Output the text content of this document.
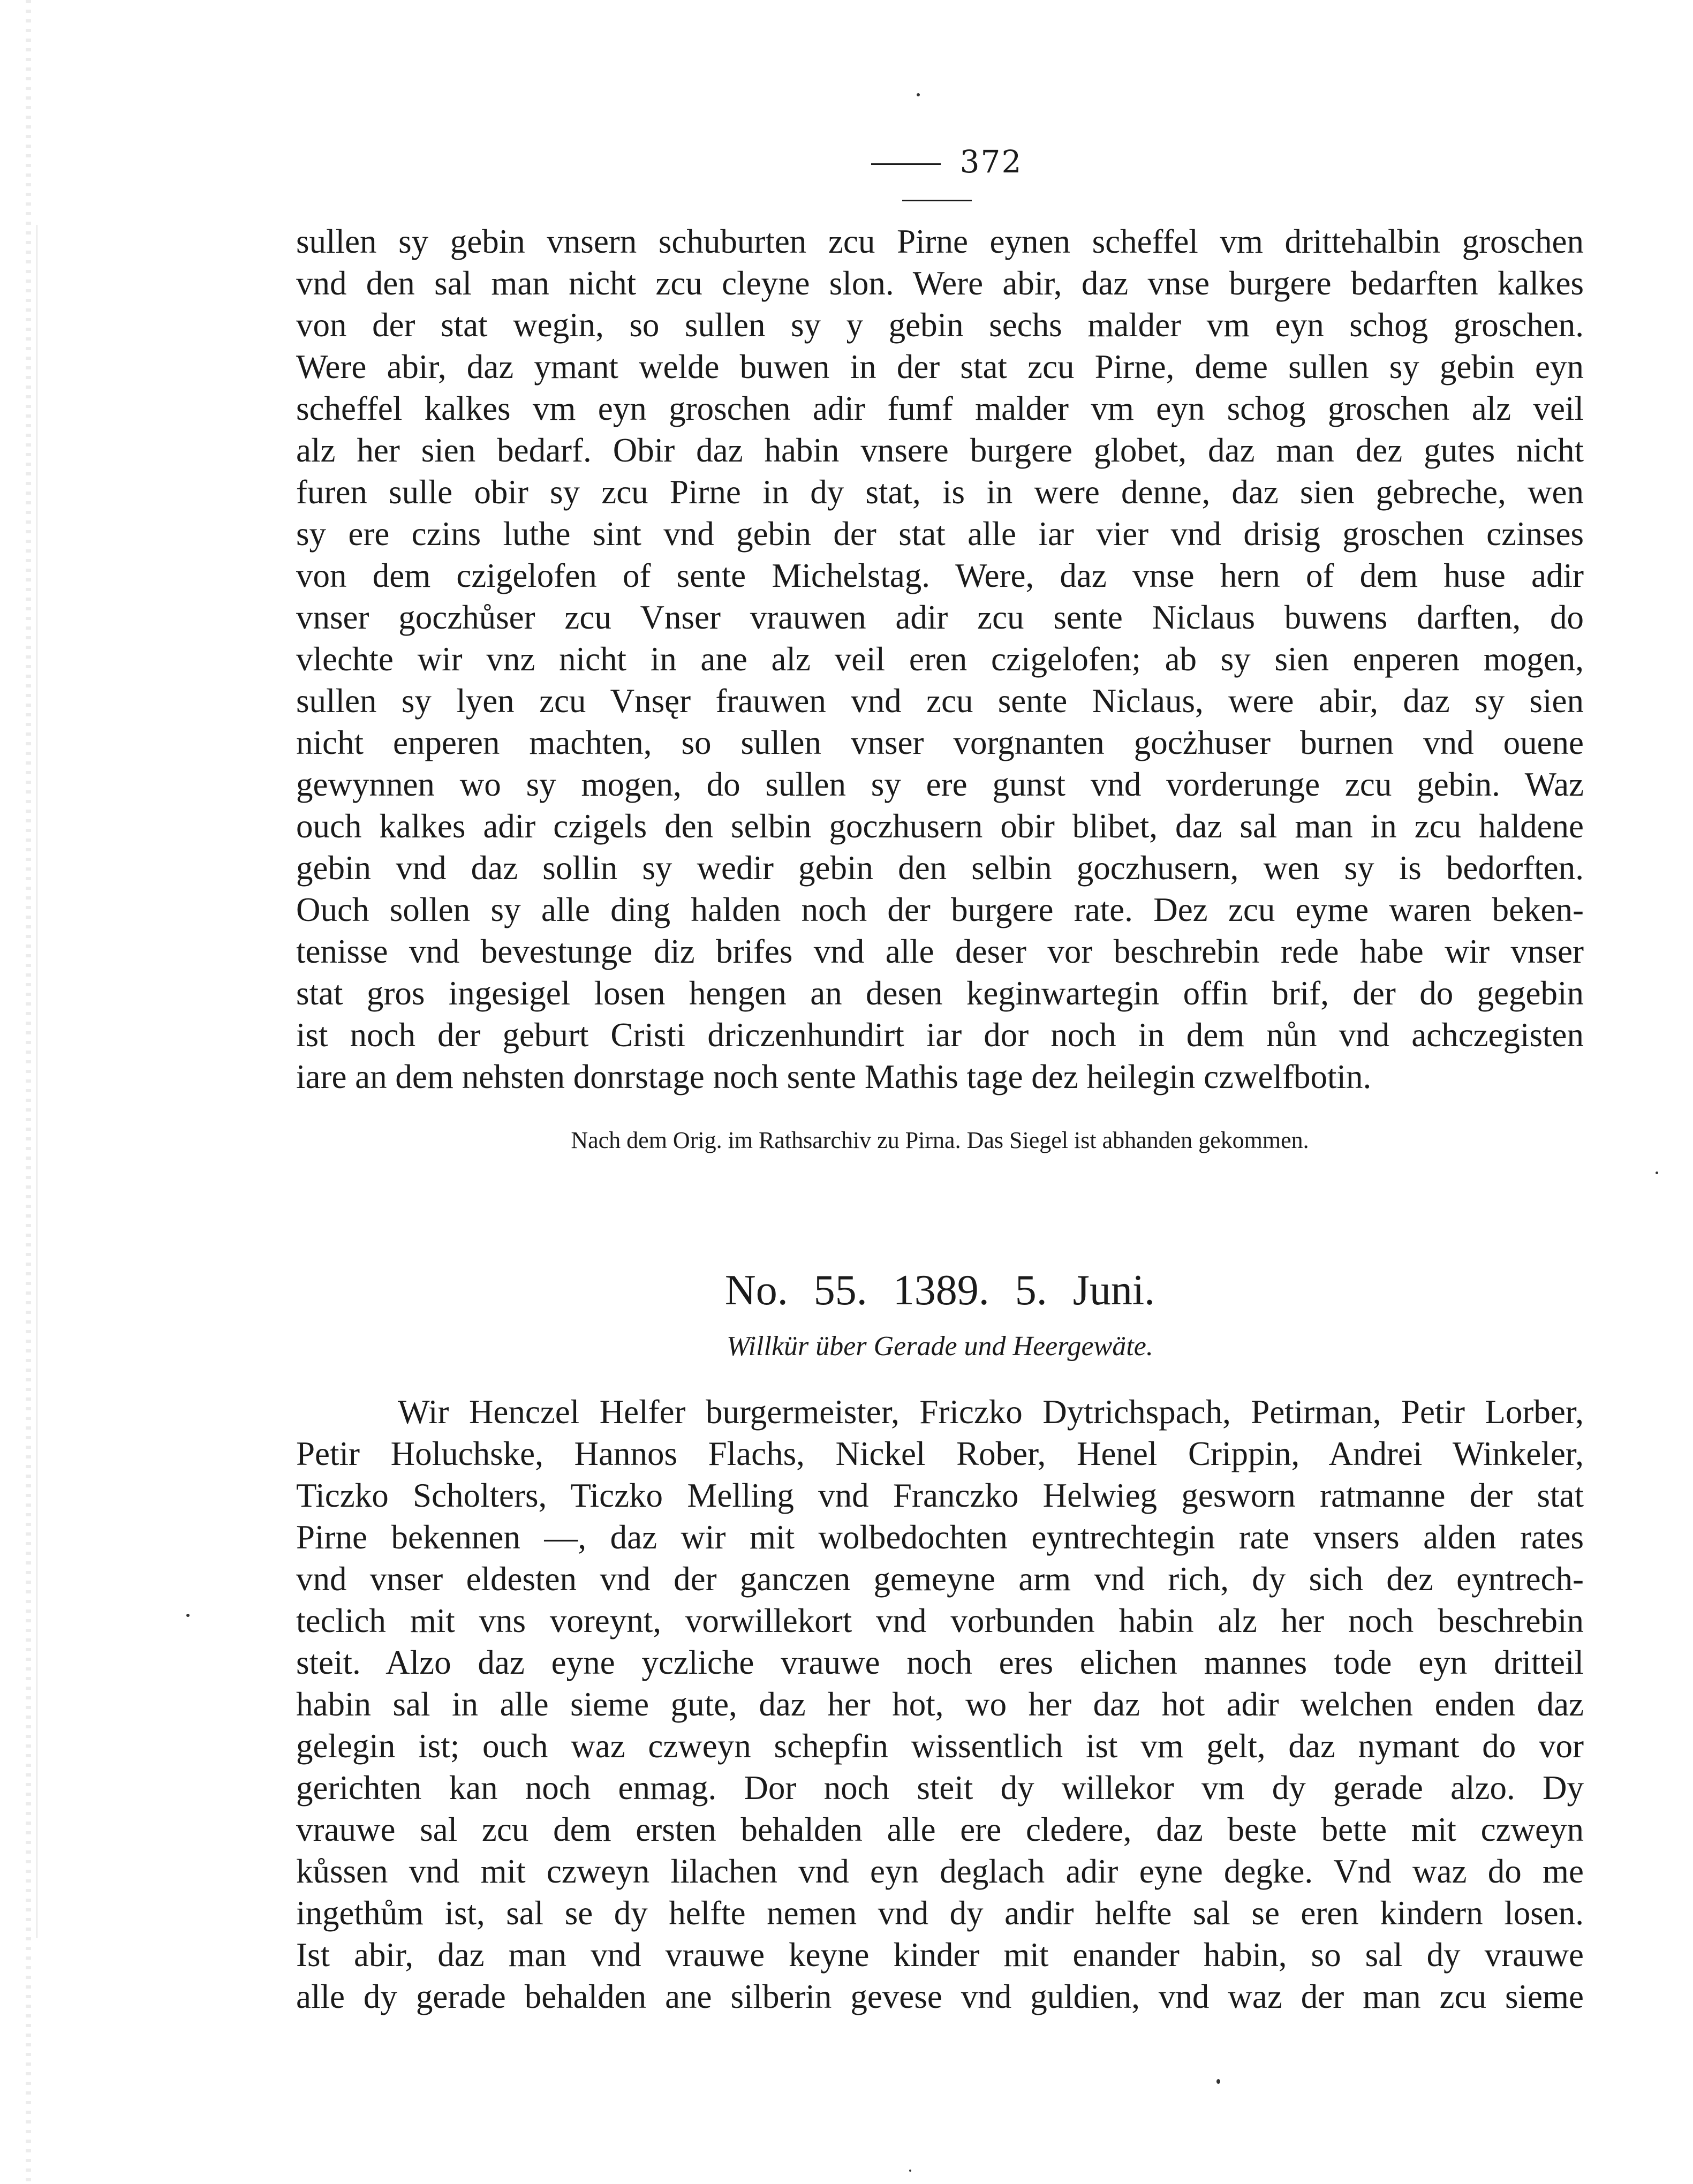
372
sullen sy gebin vnsern schuburten zcu Pirne eynen scheffel vm drittehalbin groschen
vnd den sal man nicht zcu cleyne slon. Were abir, daz vnse burgere bedarften kalkes
von der stat wegin, so sullen sy y gebin sechs malder vm eyn schog groschen.
Were abir, daz ymant welde buwen in der stat zcu Pirne, deme sullen sy gebin eyn
scheffel kalkes vm eyn groschen adir fumf malder vm eyn schog groschen alz veil
alz her sien bedarf. Obir daz habin vnsere burgere globet, daz man dez gutes nicht
furen sulle obir sy zcu Pirne in dy stat, is in were denne, daz sien gebreche, wen
sy ere czins luthe sint vnd gebin der stat alle iar vier vnd drisig groschen czinses
von dem czigelofen of sente Michelstag. Were, daz vnse hern of dem huse adir
vnser goczhůser zcu Vnser vrauwen adir zcu sente Niclaus buwens darften, do
vlechte wir vnz nicht in ane alz veil eren czigelofen; ab sy sien enperen mogen,
sullen sy lyen zcu Vnsęr frauwen vnd zcu sente Niclaus, were abir, daz sy sien
nicht enperen machten, so sullen vnser vorgnanten gocżhuser burnen vnd ouene
gewynnen wo sy mogen, do sullen sy ere gunst vnd vorderunge zcu gebin. Waz
ouch kalkes adir czigels den selbin goczhusern obir blibet, daz sal man in zcu haldene
gebin vnd daz sollin sy wedir gebin den selbin goczhusern, wen sy is bedorften.
Ouch sollen sy alle ding halden noch der burgere rate. Dez zcu eyme waren beken-
tenisse vnd bevestunge diz brifes vnd alle deser vor beschrebin rede habe wir vnser
stat gros ingesigel losen hengen an desen keginwartegin offin brif, der do gegebin
ist noch der geburt Cristi driczenhundirt iar dor noch in dem nůn vnd achczegisten
iare an dem nehsten donrstage noch sente Mathis tage dez heilegin czwelfbotin.
Nach dem Orig. im Rathsarchiv zu Pirna. Das Siegel ist abhanden gekommen.
No. 55. 1389. 5. Juni.
Willkür über Gerade und Heergewäte.
Wir Henczel Helfer burgermeister, Friczko Dytrichspach, Petirman, Petir Lorber,
Petir Holuchske, Hannos Flachs, Nickel Rober, Henel Crippin, Andrei Winkeler,
Ticzko Scholters, Ticzko Melling vnd Franczko Helwieg gesworn ratmanne der stat
Pirne bekennen —, daz wir mit wolbedochten eyntrechtegin rate vnsers alden rates
vnd vnser eldesten vnd der ganczen gemeyne arm vnd rich, dy sich dez eyntrech-
teclich mit vns voreynt, vorwillekort vnd vorbunden habin alz her noch beschrebin
steit. Alzo daz eyne yczliche vrauwe noch eres elichen mannes tode eyn dritteil
habin sal in alle sieme gute, daz her hot, wo her daz hot adir welchen enden daz
gelegin ist; ouch waz czweyn schepfin wissentlich ist vm gelt, daz nymant do vor
gerichten kan noch enmag. Dor noch steit dy willekor vm dy gerade alzo. Dy
vrauwe sal zcu dem ersten behalden alle ere cledere, daz beste bette mit czweyn
kůssen vnd mit czweyn lilachen vnd eyn deglach adir eyne degke. Vnd waz do me
ingethům ist, sal se dy helfte nemen vnd dy andir helfte sal se eren kindern losen.
Ist abir, daz man vnd vrauwe keyne kinder mit enander habin, so sal dy vrauwe
alle dy gerade behalden ane silberin gevese vnd guldien, vnd waz der man zcu sieme
